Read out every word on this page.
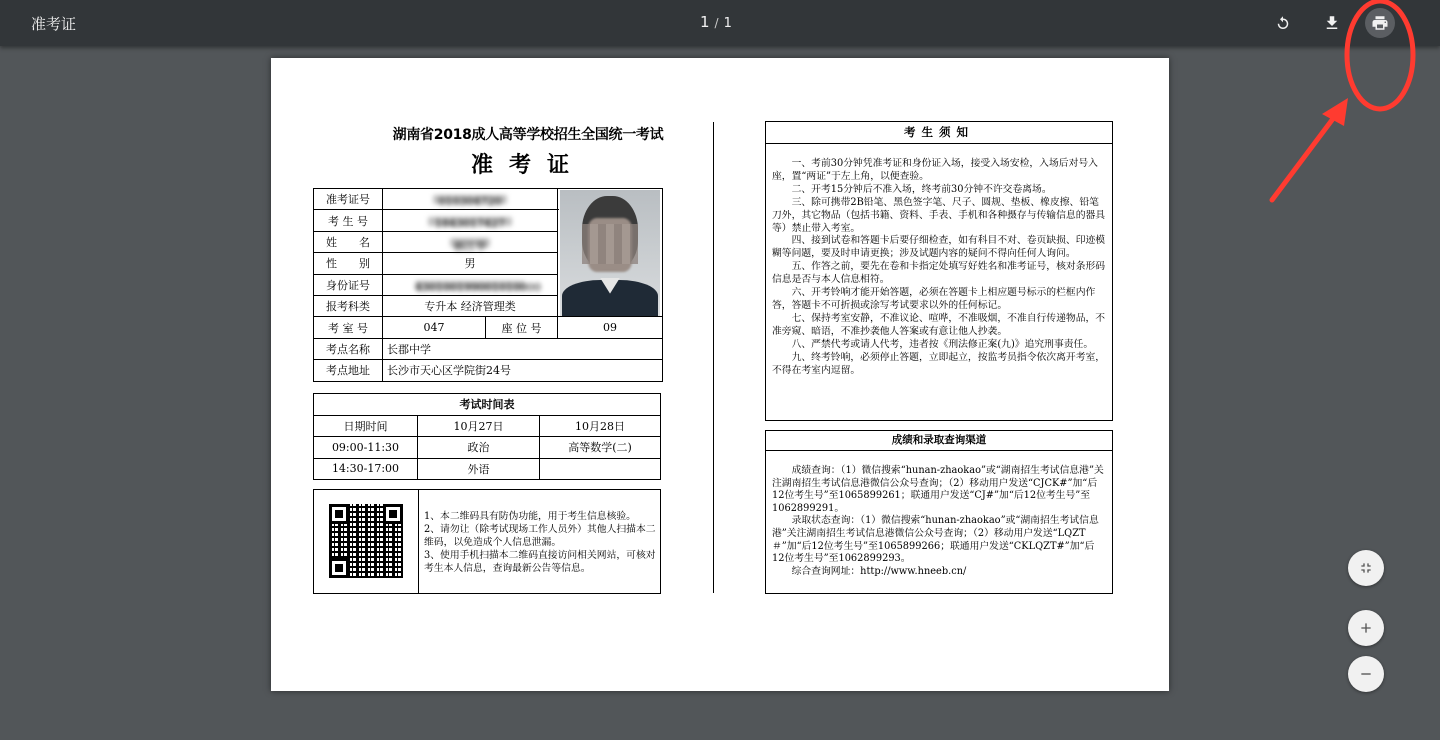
准考证	1 / 1
湖南省2018成人高等学校招生全国统一考试
准考证
准考证号	010304720		

考 生 号	1843017427		
姓　　名	郝江华		
性　　别	男		
身份证号	430100199001010000		
报考科类	专升本 经济管理类		
考 室 号	047	座 位 号	09
考点名称	长郡中学		
考点地址	长沙市天心区学院街24号		
考试时间表		
日期时间	10月27日	10月28日
09:00-11:30	政治	高等数学(二)
14:30-17:00	外语	
1、本二维码具有防伪功能，用于考生信息核验。
2、请勿让（除考试现场工作人员外）其他人扫描本二维码，以免造成个人信息泄漏。
3、使用手机扫描本二维码直接访问相关网站，可核对考生本人信息，查询最新公告等信息。
考生须知

一、考前30分钟凭准考证和身份证入场，接受入场安检，入场后对号入座，置“两证”于左上角，以便查验。

二、开考15分钟后不准入场，终考前30分钟不许交卷离场。

三、除可携带2B铅笔、黑色签字笔、尺子、圆规、垫板、橡皮擦、铅笔刀外，其它物品（包括书籍、资料、手表、手机和各种摄存与传输信息的器具等）禁止带入考室。

四、接到试卷和答题卡后要仔细检查，如有科目不对、卷页缺损、印迹模糊等问题，要及时申请更换；涉及试题内容的疑问不得向任何人询问。

五、作答之前，要先在卷和卡指定处填写好姓名和准考证号，核对条形码信息是否与本人信息相符。

六、开考铃响才能开始答题，必须在答题卡上相应题号标示的栏框内作答，答题卡不可折损或涂写考试要求以外的任何标记。

七、保持考室安静，不准议论、喧哗，不准吸烟，不准自行传递物品，不准旁窥、暗语，不准抄袭他人答案或有意让他人抄袭。

八、严禁代考或请人代考，违者按《刑法修正案(九)》追究刑事责任。

九、终考铃响，必须停止答题，立即起立，按监考员指令依次离开考室，不得在考室内逗留。

成绩和录取查询渠道

成绩查询：（1）微信搜索“hunan-zhaokao”或“湖南招生考试信息港”关注湖南招生考试信息港微信公众号查询；（2）移动用户发送“CJCK#”加“后12位考生号”至1065899261；联通用户发送“CJ#”加“后12位考生号”至1062899291。

录取状态查询：（1）微信搜索“hunan-zhaokao”或“湖南招生考试信息港”关注湖南招生考试信息港微信公众号查询；（2）移动用户发送“LQZT＃”加“后12位考生号”至1065899266；联通用户发送“CKLQZT#”加“后12位考生号”至1062899293。

综合查询网址：http://www.hneeb.cn/
